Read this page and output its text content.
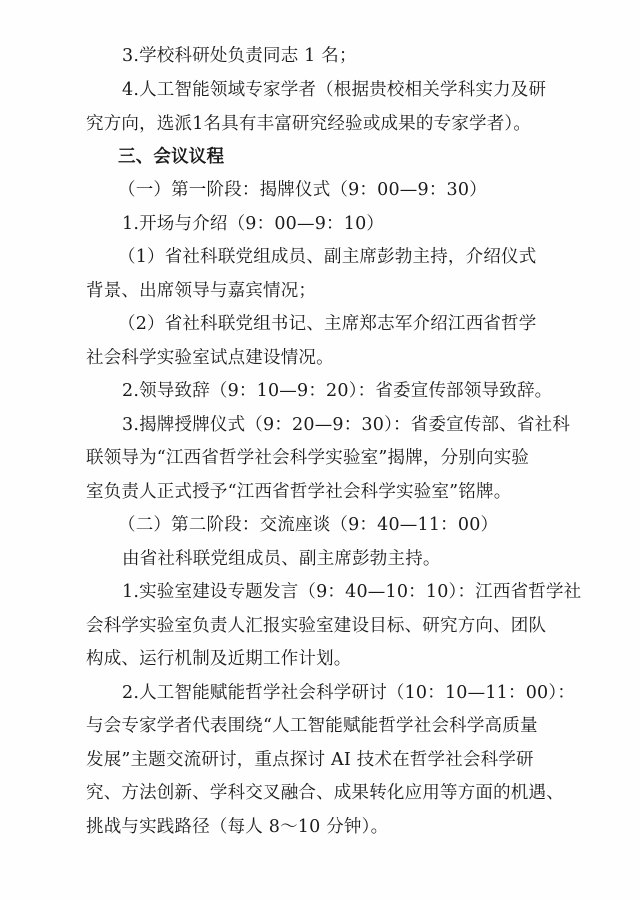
3.学校科研处负责同志 1 名；
4.人工智能领域专家学者（根据贵校相关学科实力及研
究方向，选派1名具有丰富研究经验或成果的专家学者）。
三、会议议程
（一）第一阶段：揭牌仪式（9：00—9：30）
1.开场与介绍（9：00—9：10）
（1）省社科联党组成员、副主席彭勃主持，介绍仪式
背景、出席领导与嘉宾情况；
（2）省社科联党组书记、主席郑志军介绍江西省哲学
社会科学实验室试点建设情况。
2.领导致辞（9：10—9：20）：省委宣传部领导致辞。
3.揭牌授牌仪式（9：20—9：30）：省委宣传部、省社科
联领导为“江西省哲学社会科学实验室”揭牌，分别向实验
室负责人正式授予“江西省哲学社会科学实验室”铭牌。
（二）第二阶段：交流座谈（9：40—11：00）
由省社科联党组成员、副主席彭勃主持。
1.实验室建设专题发言（9：40—10：10）：江西省哲学社
会科学实验室负责人汇报实验室建设目标、研究方向、团队
构成、运行机制及近期工作计划。
2.人工智能赋能哲学社会科学研讨（10：10—11：00）：
与会专家学者代表围绕“人工智能赋能哲学社会科学高质量
发展”主题交流研讨，重点探讨 AI 技术在哲学社会科学研
究、方法创新、学科交叉融合、成果转化应用等方面的机遇、
挑战与实践路径（每人 8～10 分钟）。
